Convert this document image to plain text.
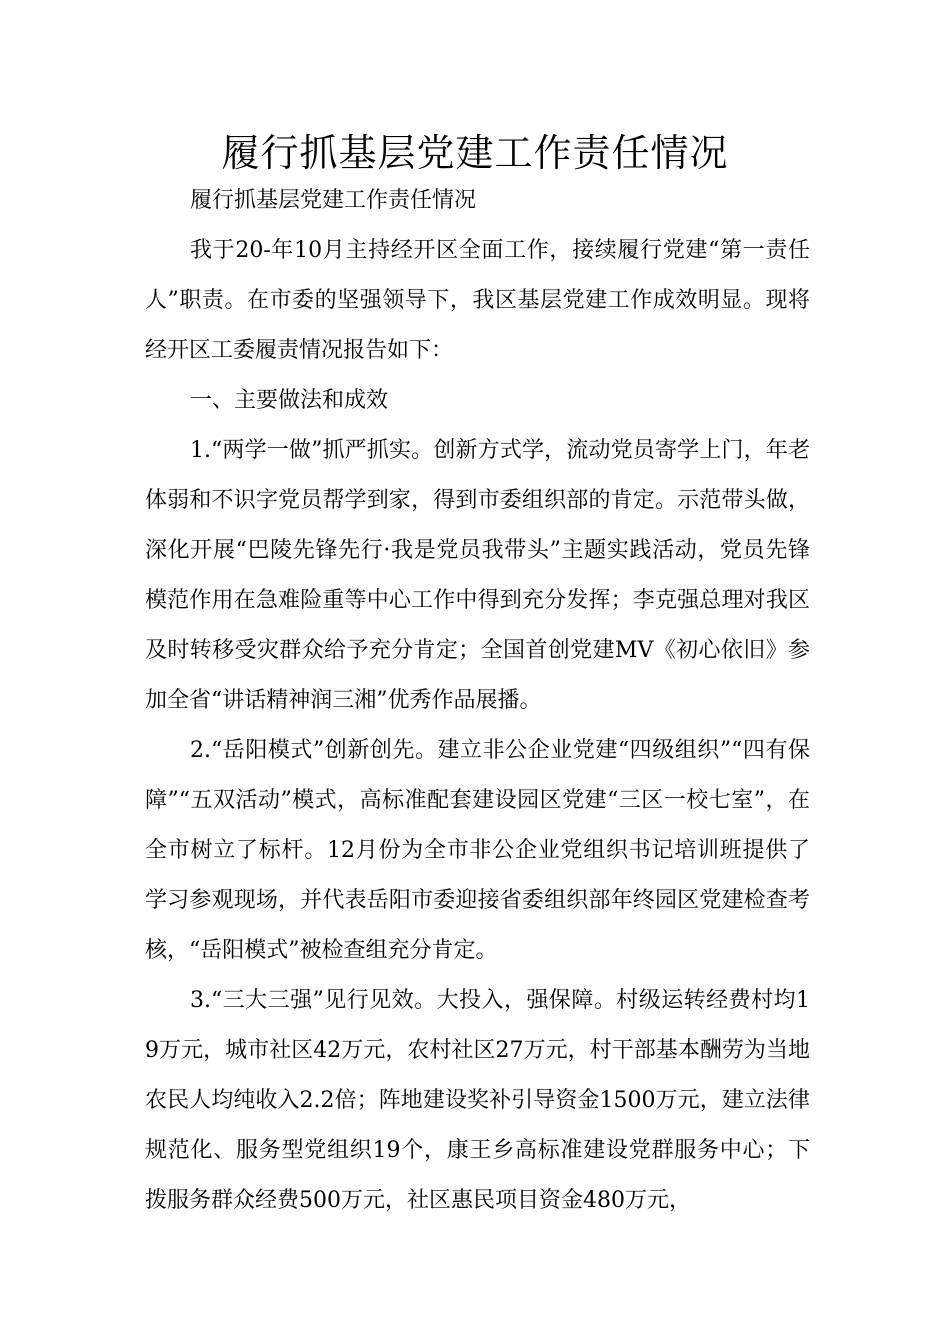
履行抓基层党建工作责任情况

履行抓基层党建工作责任情况

我于20-年10月主持经开区全面工作，接续履行党建“第一责任人”职责。在市委的坚强领导下，我区基层党建工作成效明显。现将经开区工委履责情况报告如下：

一、主要做法和成效

1.“两学一做”抓严抓实。创新方式学，流动党员寄学上门，年老体弱和不识字党员帮学到家，得到市委组织部的肯定。示范带头做，深化开展“巴陵先锋先行·我是党员我带头”主题实践活动，党员先锋模范作用在急难险重等中心工作中得到充分发挥；李克强总理对我区及时转移受灾群众给予充分肯定；全国首创党建MV《初心依旧》参加全省“讲话精神润三湘”优秀作品展播。

2.“岳阳模式”创新创先。建立非公企业党建“四级组织”“四有保障”“五双活动”模式，高标准配套建设园区党建“三区一校七室”，在全市树立了标杆。12月份为全市非公企业党组织书记培训班提供了学习参观现场，并代表岳阳市委迎接省委组织部年终园区党建检查考核，“岳阳模式”被检查组充分肯定。

3.“三大三强”见行见效。大投入，强保障。村级运转经费村均19万元，城市社区42万元，农村社区27万元，村干部基本酬劳为当地农民人均纯收入2.2倍；阵地建设奖补引导资金1500万元，建立法律规范化、服务型党组织19个，康王乡高标准建设党群服务中心；下拨服务群众经费500万元，社区惠民项目资金480万元，
